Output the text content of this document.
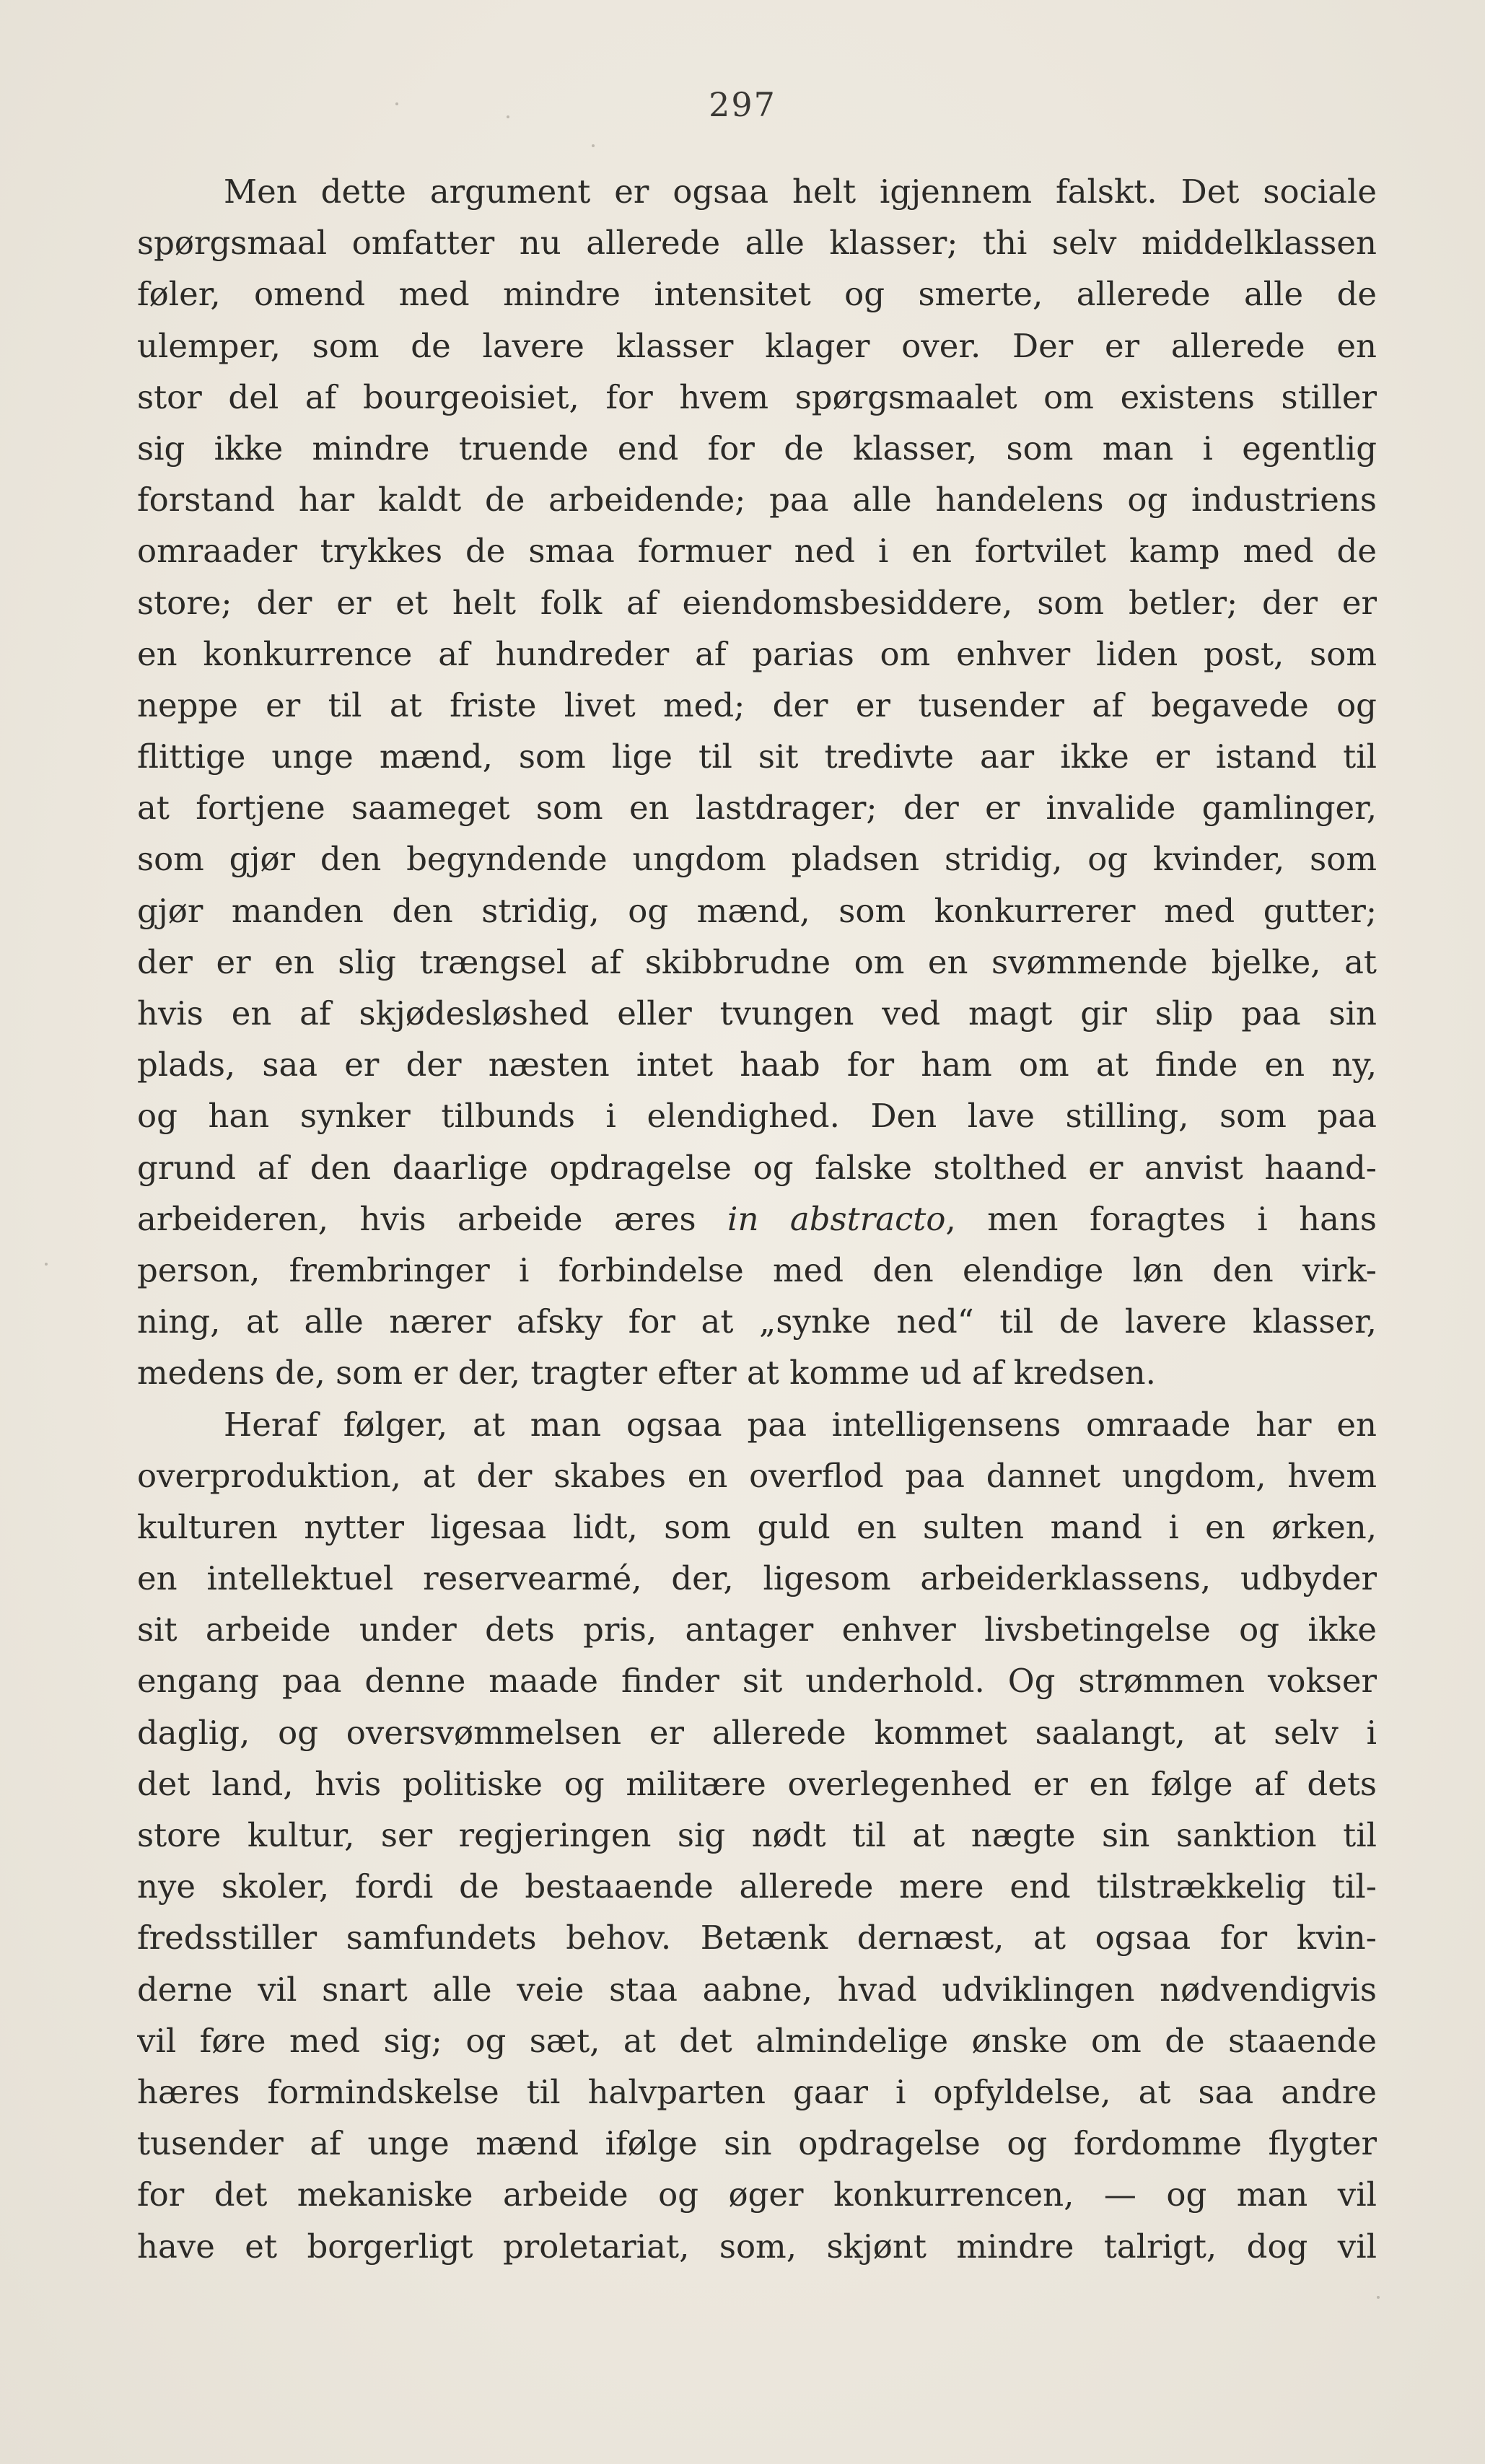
297
Men dette argument er ogsaa helt igjennem falskt. Det sociale
spørgsmaal omfatter nu allerede alle klasser; thi selv middelklassen
føler, omend med mindre intensitet og smerte, allerede alle de
ulemper, som de lavere klasser klager over. Der er allerede en
stor del af bourgeoisiet, for hvem spørgsmaalet om existens stiller
sig ikke mindre truende end for de klasser, som man i egentlig
forstand har kaldt de arbeidende; paa alle handelens og industriens
omraader trykkes de smaa formuer ned i en fortvilet kamp med de
store; der er et helt folk af eiendomsbesiddere, som betler; der er
en konkurrence af hundreder af parias om enhver liden post, som
neppe er til at friste livet med; der er tusender af begavede og
flittige unge mænd, som lige til sit tredivte aar ikke er istand til
at fortjene saameget som en lastdrager; der er invalide gamlinger,
som gjør den begyndende ungdom pladsen stridig, og kvinder, som
gjør manden den stridig, og mænd, som konkurrerer med gutter;
der er en slig trængsel af skibbrudne om en svømmende bjelke, at
hvis en af skjødesløshed eller tvungen ved magt gir slip paa sin
plads, saa er der næsten intet haab for ham om at finde en ny,
og han synker tilbunds i elendighed. Den lave stilling, som paa
grund af den daarlige opdragelse og falske stolthed er anvist haand-
arbeideren, hvis arbeide æres in abstracto, men foragtes i hans
person, frembringer i forbindelse med den elendige løn den virk-
ning, at alle nærer afsky for at „synke ned“ til de lavere klasser,
medens de, som er der, tragter efter at komme ud af kredsen.
Heraf følger, at man ogsaa paa intelligensens omraade har en
overproduktion, at der skabes en overflod paa dannet ungdom, hvem
kulturen nytter ligesaa lidt, som guld en sulten mand i en ørken,
en intellektuel reservearmé, der, ligesom arbeiderklassens, udbyder
sit arbeide under dets pris, antager enhver livsbetingelse og ikke
engang paa denne maade finder sit underhold. Og strømmen vokser
daglig, og oversvømmelsen er allerede kommet saalangt, at selv i
det land, hvis politiske og militære overlegenhed er en følge af dets
store kultur, ser regjeringen sig nødt til at nægte sin sanktion til
nye skoler, fordi de bestaaende allerede mere end tilstrækkelig til-
fredsstiller samfundets behov. Betænk dernæst, at ogsaa for kvin-
derne vil snart alle veie staa aabne, hvad udviklingen nødvendigvis
vil føre med sig; og sæt, at det almindelige ønske om de staaende
hæres formindskelse til halvparten gaar i opfyldelse, at saa andre
tusender af unge mænd ifølge sin opdragelse og fordomme flygter
for det mekaniske arbeide og øger konkurrencen, — og man vil
have et borgerligt proletariat, som, skjønt mindre talrigt, dog vil
